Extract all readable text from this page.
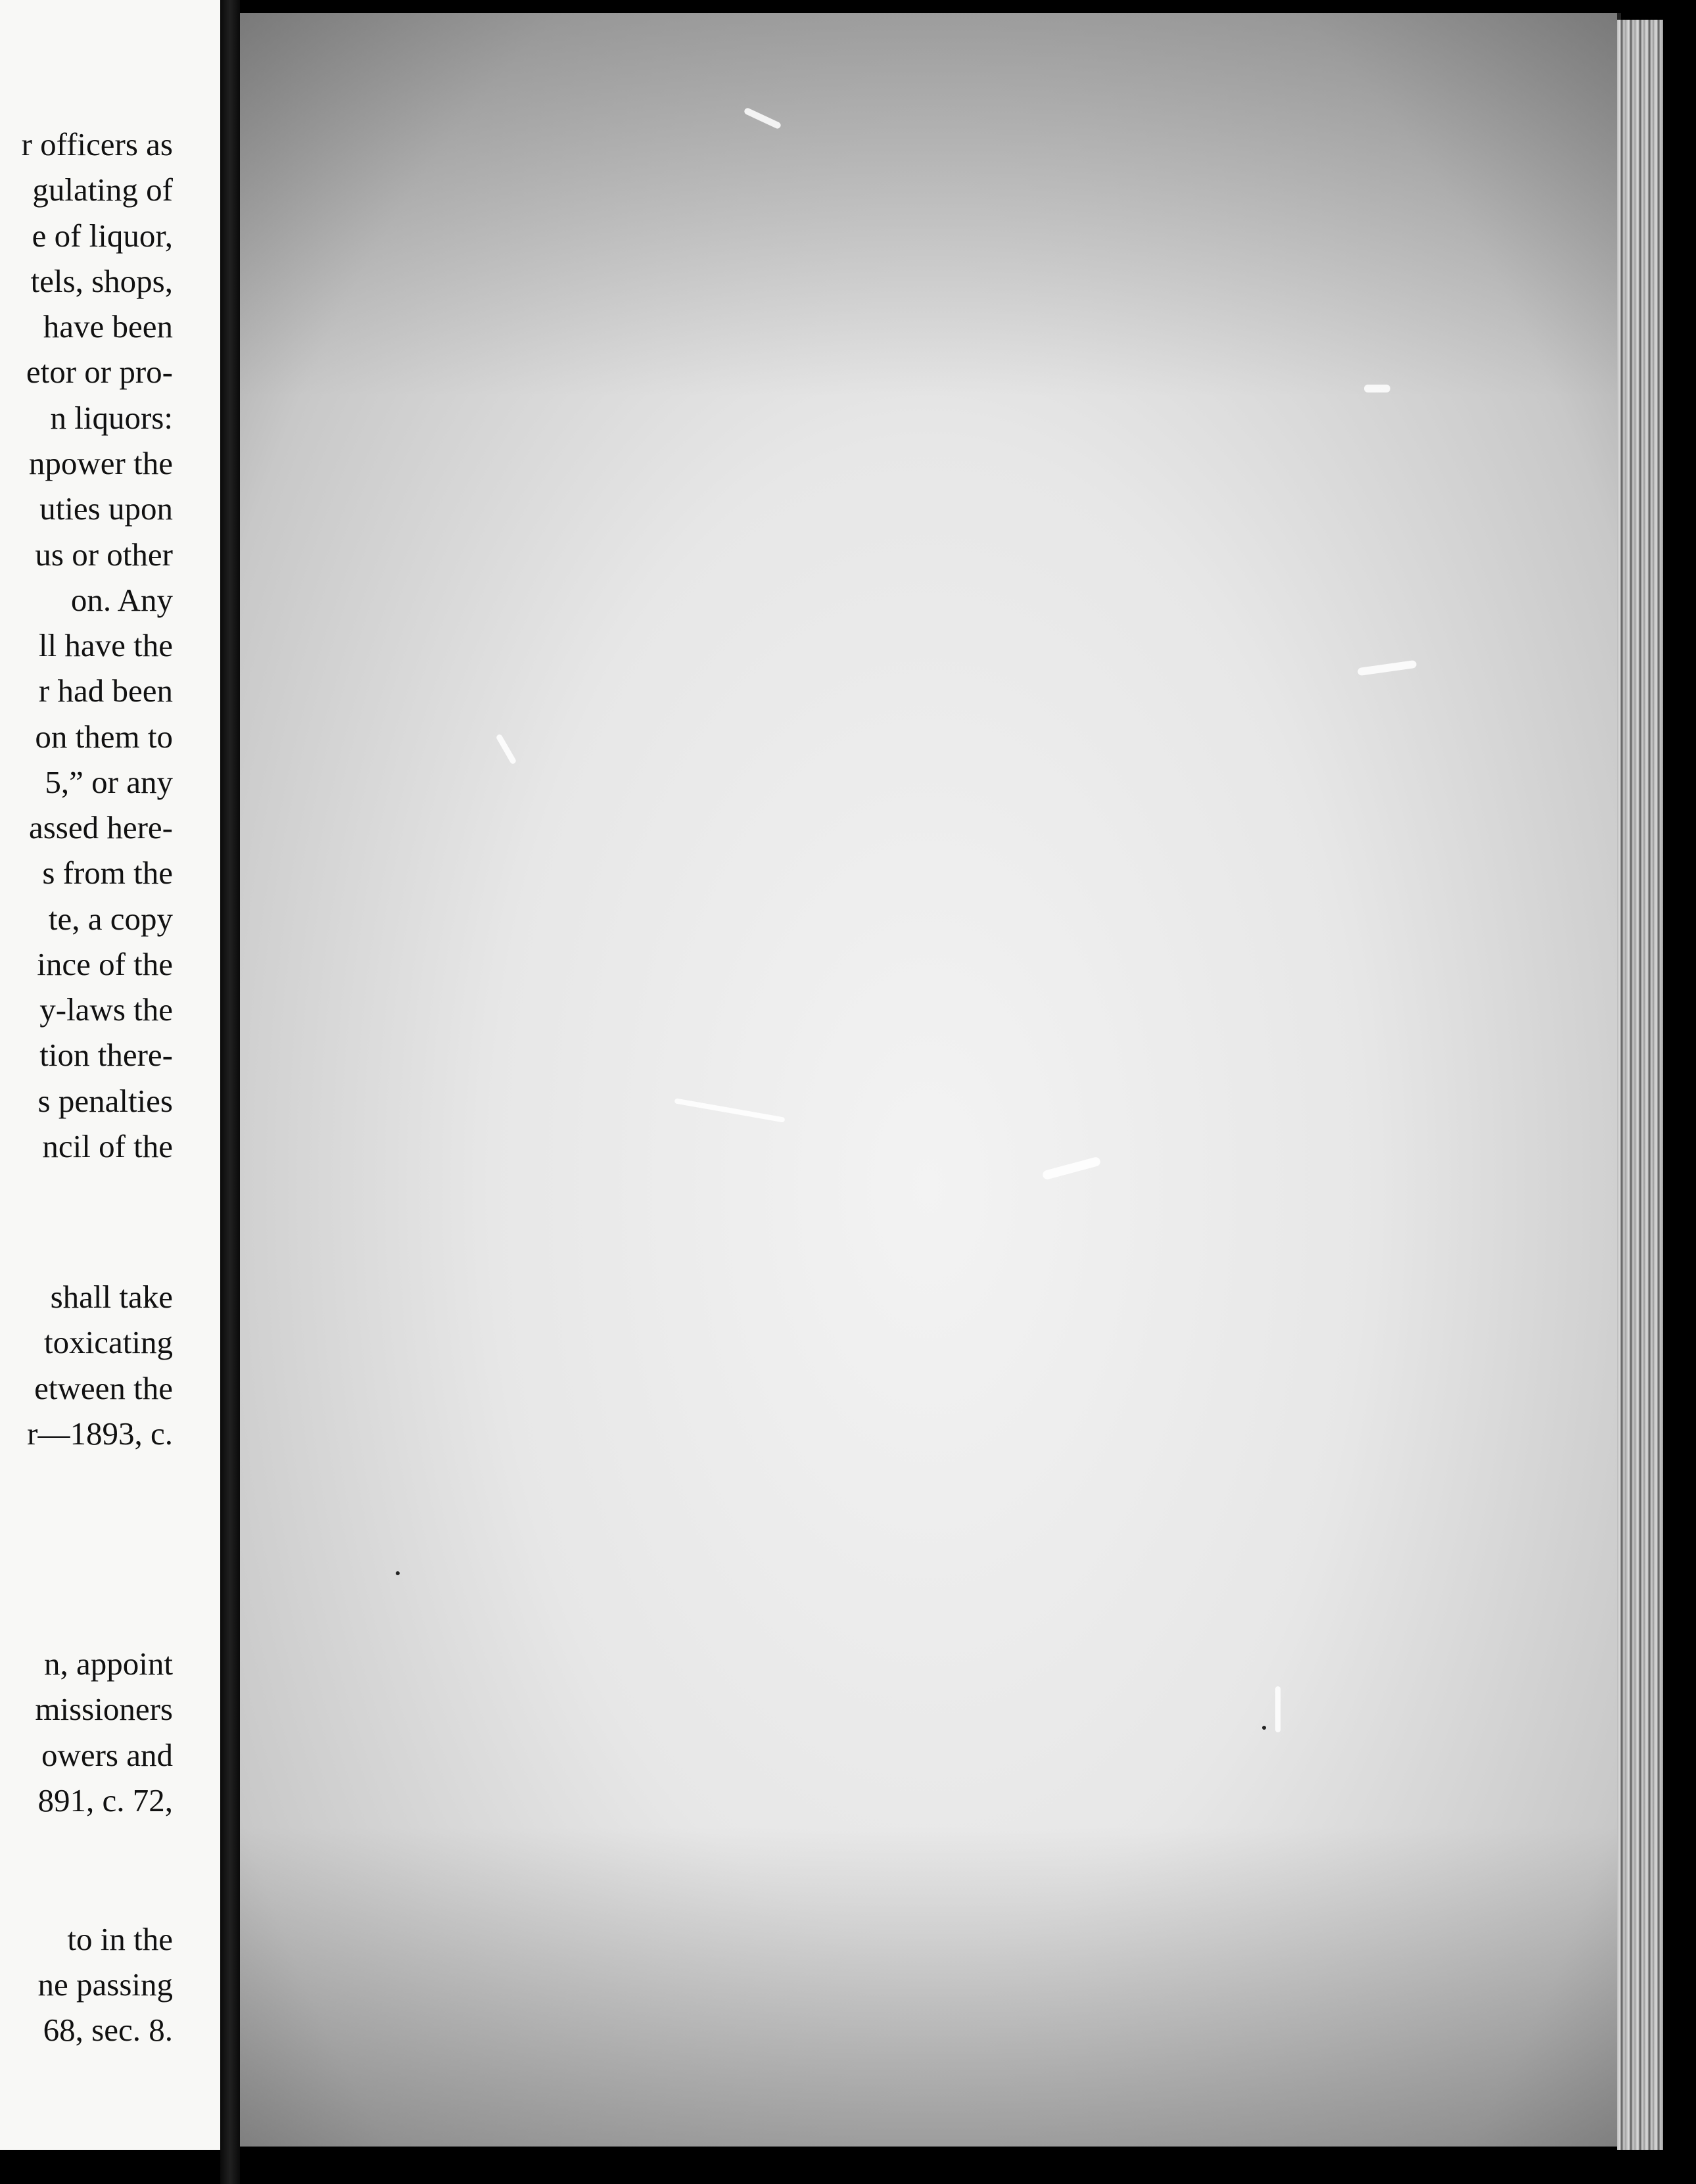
r officers as
gulating of
e of liquor,
tels, shops,
have been
etor or pro-
n liquors:
npower the
uties upon
us or other
on. Any
ll have the
r had been
on them to
5,” or any
assed here-
s from the
te, a copy
ince of the
y-laws the
tion there-
s penalties
ncil of the
shall take
toxicating
etween the
r—1893, c.
n, appoint
missioners
owers and
891, c. 72,
to in the
ne passing
68, sec. 8.
